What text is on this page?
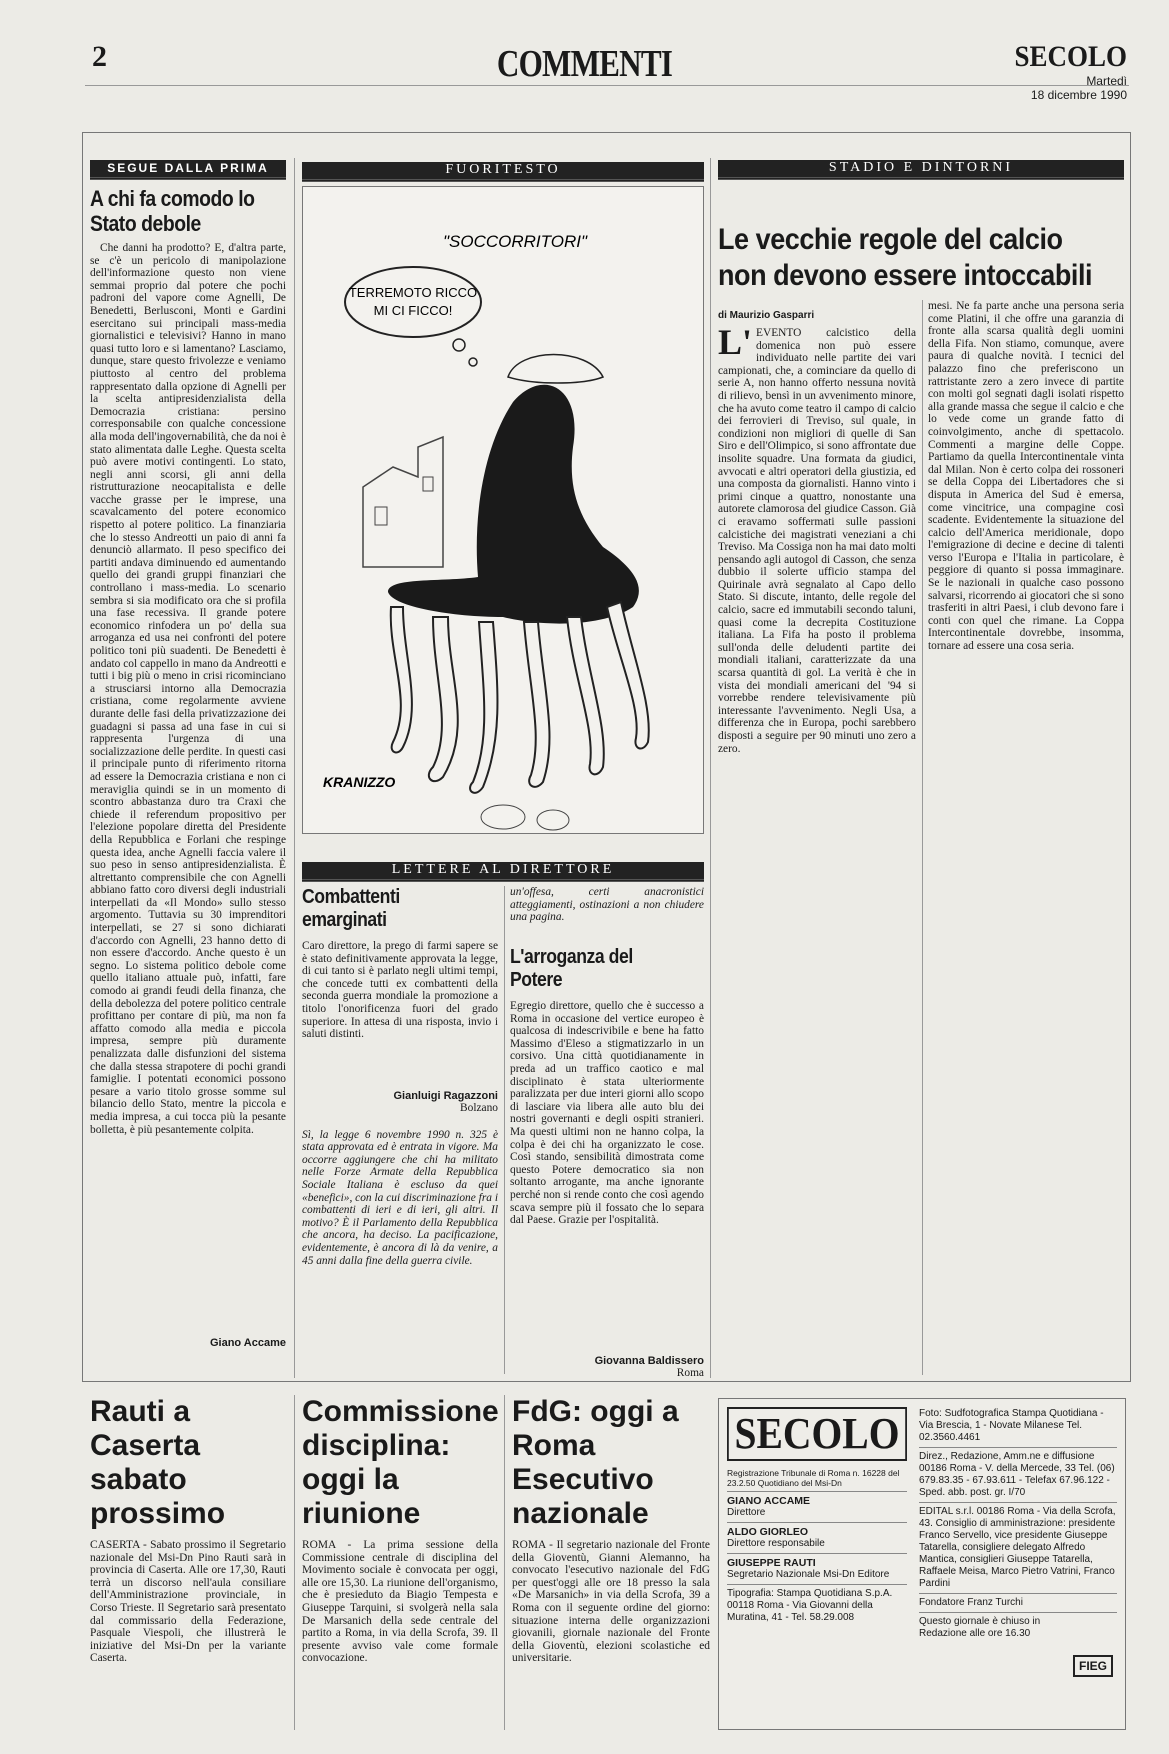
2	COMMENTI	SECOLO
Martedì
18 dicembre 1990
SEGUE DALLA PRIMA
A chi fa comodo lo Stato debole
Che danni ha prodotto? E, d'altra parte, se c'è un pericolo di manipolazione dell'informazione questo non viene semmai proprio dal potere che pochi padroni del vapore come Agnelli, De Benedetti, Berlusconi, Monti e Gardini esercitano sui principali mass-media giornalistici e televisivi? Hanno in mano quasi tutto loro e si lamentano? Lasciamo, dunque, stare questo frivolezze e veniamo piuttosto al centro del problema rappresentato dalla opzione di Agnelli per la scelta antipresidenzialista della Democrazia cristiana: persino corresponsabile con qualche concessione alla moda dell'ingovernabilità, che da noi è stato alimentata dalle Leghe. Questa scelta può avere motivi contingenti. Lo stato, negli anni scorsi, gli anni della ristrutturazione neocapitalista e delle vacche grasse per le imprese, una scavalcamento del potere economico rispetto al potere politico. La finanziaria che lo stesso Andreotti un paio di anni fa denunciò allarmato. Il peso specifico dei partiti andava diminuendo ed aumentando quello dei grandi gruppi finanziari che controllano i mass-media. Lo scenario sembra si sia modificato ora che si profila una fase recessiva. Il grande potere economico rinfodera un po' della sua arroganza ed usa nei confronti del potere politico toni più suadenti. De Benedetti è andato col cappello in mano da Andreotti e tutti i big più o meno in crisi ricominciano a strusciarsi intorno alla Democrazia cristiana, come regolarmente avviene durante delle fasi della privatizzazione dei guadagni si passa ad una fase in cui si rappresenta l'urgenza di una socializzazione delle perdite. In questi casi il principale punto di riferimento ritorna ad essere la Democrazia cristiana e non ci meraviglia quindi se in un momento di scontro abbastanza duro tra Craxi che chiede il referendum propositivo per l'elezione popolare diretta del Presidente della Repubblica e Forlani che respinge questa idea, anche Agnelli faccia valere il suo peso in senso antipresidenzialista. È altrettanto comprensibile che con Agnelli abbiano fatto coro diversi degli industriali interpellati da «Il Mondo» sullo stesso argomento. Tuttavia su 30 imprenditori interpellati, se 27 si sono dichiarati d'accordo con Agnelli, 23 hanno detto di non essere d'accordo. Anche questo è un segno. Lo sistema politico debole come quello italiano attuale può, infatti, fare comodo ai grandi feudi della finanza, che della debolezza del potere politico centrale profittano per contare di più, ma non fa affatto comodo alla media e piccola impresa, sempre più duramente penalizzata dalle disfunzioni del sistema che dalla stessa strapotere di pochi grandi famiglie. I potentati economici possono pesare a vario titolo grosse somme sul bilancio dello Stato, mentre la piccola e media impresa, a cui tocca più la pesante bolletta, è più pesantemente colpita.
Giano Accame
FUORITESTO
"SOCCORRITORI"
TERREMOTO RICCO
MI CI FICCO!
KRANIZZO
LETTERE AL DIRETTORE
Combattenti emarginati
Caro direttore, la prego di farmi sapere se è stato definitivamente approvata la legge, di cui tanto si è parlato negli ultimi tempi, che concede tutti ex combattenti della seconda guerra mondiale la promozione a titolo l'onorificenza fuori del grado superiore. In attesa di una risposta, invio i saluti distinti.
Gianluigi Ragazzoni
Bolzano
Sì, la legge 6 novembre 1990 n. 325 è stata approvata ed è entrata in vigore. Ma occorre aggiungere che chi ha militato nelle Forze Armate della Repubblica Sociale Italiana è escluso da quei «benefici», con la cui discriminazione fra i combattenti di ieri e di ieri, gli altri. Il motivo? È il Parlamento della Repubblica che ancora, ha deciso. La pacificazione, evidentemente, è ancora di là da venire, a 45 anni dalla fine della guerra civile.
un'offesa, certi anacronistici atteggiamenti, ostinazioni a non chiudere una pagina.
L'arroganza del Potere
Egregio direttore, quello che è successo a Roma in occasione del vertice europeo è qualcosa di indescrivibile e bene ha fatto Massimo d'Eleso a stigmatizzarlo in un corsivo. Una città quotidianamente in preda ad un traffico caotico e mal disciplinato è stata ulteriormente paralizzata per due interi giorni allo scopo di lasciare via libera alle auto blu dei nostri governanti e degli ospiti stranieri. Ma questi ultimi non ne hanno colpa, la colpa è dei chi ha organizzato le cose. Così stando, sensibilità dimostrata come questo Potere democratico sia non soltanto arrogante, ma anche ignorante perché non si rende conto che così agendo scava sempre più il fossato che lo separa dal Paese. Grazie per l'ospitalità.
Giovanna Baldissero
Roma
STADIO E DINTORNI
Le vecchie regole del calcio non devono essere intoccabili
di Maurizio Gasparri
L' EVENTO calcistico della domenica non può essere individuato nelle partite dei vari campionati, che, a cominciare da quello di serie A, non hanno offerto nessuna novità di rilievo, bensì in un avvenimento minore, che ha avuto come teatro il campo di calcio dei ferrovieri di Treviso, sul quale, in condizioni non migliori di quelle di San Siro e dell'Olimpico, si sono affrontate due insolite squadre. Una formata da giudici, avvocati e altri operatori della giustizia, ed una composta da giornalisti. Hanno vinto i primi cinque a quattro, nonostante una autorete clamorosa del giudice Casson. Già ci eravamo soffermati sulle passioni calcistiche dei magistrati veneziani a chi Treviso. Ma Cossiga non ha mai dato molti pensando agli autogol di Casson, che senza dubbio il solerte ufficio stampa del Quirinale avrà segnalato al Capo dello Stato. Si discute, intanto, delle regole del calcio, sacre ed immutabili secondo taluni, quasi come la decrepita Costituzione italiana. La Fifa ha posto il problema sull'onda delle deludenti partite dei mondiali italiani, caratterizzate da una scarsa quantità di gol. La verità è che in vista dei mondiali americani del '94 si vorrebbe rendere televisivamente più interessante l'avvenimento. Negli Usa, a differenza che in Europa, pochi sarebbero disposti a seguire per 90 minuti uno zero a zero.
mesi. Ne fa parte anche una persona seria come Platini, il che offre una garanzia di fronte alla scarsa qualità degli uomini della Fifa. Non stiamo, comunque, avere paura di qualche novità. I tecnici del palazzo fino che preferiscono un rattristante zero a zero invece di partite con molti gol segnati dagli isolati rispetto alla grande massa che segue il calcio e che lo vede come un grande fatto di coinvolgimento, anche di spettacolo. Commenti a margine delle Coppe. Partiamo da quella Intercontinentale vinta dal Milan. Non è certo colpa dei rossoneri se della Coppa dei Libertadores che si disputa in America del Sud è emersa, come vincitrice, una compagine così scadente. Evidentemente la situazione del calcio dell'America meridionale, dopo l'emigrazione di decine e decine di talenti verso l'Europa e l'Italia in particolare, è peggiore di quanto si possa immaginare. Se le nazionali in qualche caso possono salvarsi, ricorrendo ai giocatori che si sono trasferiti in altri Paesi, i club devono fare i conti con quel che rimane. La Coppa Intercontinentale dovrebbe, insomma, tornare ad essere una cosa seria.
Rauti a Caserta sabato prossimo
CASERTA - Sabato prossimo il Segretario nazionale del Msi-Dn Pino Rauti sarà in provincia di Caserta. Alle ore 17,30, Rauti terrà un discorso nell'aula consiliare dell'Amministrazione provinciale, in Corso Trieste. Il Segretario sarà presentato dal commissario della Federazione, Pasquale Viespoli, che illustrerà le iniziative del Msi-Dn per la variante Caserta.
Commissione disciplina: oggi la riunione
ROMA - La prima sessione della Commissione centrale di disciplina del Movimento sociale è convocata per oggi, alle ore 15,30. La riunione dell'organismo, che è presieduto da Biagio Tempesta e Giuseppe Tarquini, si svolgerà nella sala De Marsanich della sede centrale del partito a Roma, in via della Scrofa, 39. Il presente avviso vale come formale convocazione.
FdG: oggi a Roma Esecutivo nazionale
ROMA - Il segretario nazionale del Fronte della Gioventù, Gianni Alemanno, ha convocato l'esecutivo nazionale del FdG per quest'oggi alle ore 18 presso la sala «De Marsanich» in via della Scrofa, 39 a Roma con il seguente ordine del giorno: situazione interna delle organizzazioni giovanili, giornale nazionale del Fronte della Gioventù, elezioni scolastiche ed universitarie.
SECOLO
Registrazione Tribunale di Roma n. 16228 del 23.2.50 Quotidiano del Msi-Dn
GIANO ACCAME
Direttore
ALDO GIORLEO
Direttore responsabile
GIUSEPPE RAUTI
Segretario Nazionale Msi-Dn Editore
Tipografia: Stampa Quotidiana S.p.A. 00118 Roma - Via Giovanni della Muratina, 41 - Tel. 58.29.008
Foto: Sudfotografica Stampa Quotidiana - Via Brescia, 1 - Novate Milanese Tel. 02.3560.4461
Direz., Redazione, Amm.ne e diffusione 00186 Roma - V. della Mercede, 33 Tel. (06) 679.83.35 - 67.93.611 - Telefax 67.96.122 - Sped. abb. post. gr. I/70
EDITAL s.r.l. 00186 Roma - Via della Scrofa, 43. Consiglio di amministrazione: presidente Franco Servello, vice presidente Giuseppe Tatarella, consigliere delegato Alfredo Mantica, consiglieri Giuseppe Tatarella, Raffaele Meisa, Marco Pietro Vatrini, Franco Pardini
Fondatore Franz Turchi
Questo giornale è chiuso in Redazione alle ore 16.30
FIEG
